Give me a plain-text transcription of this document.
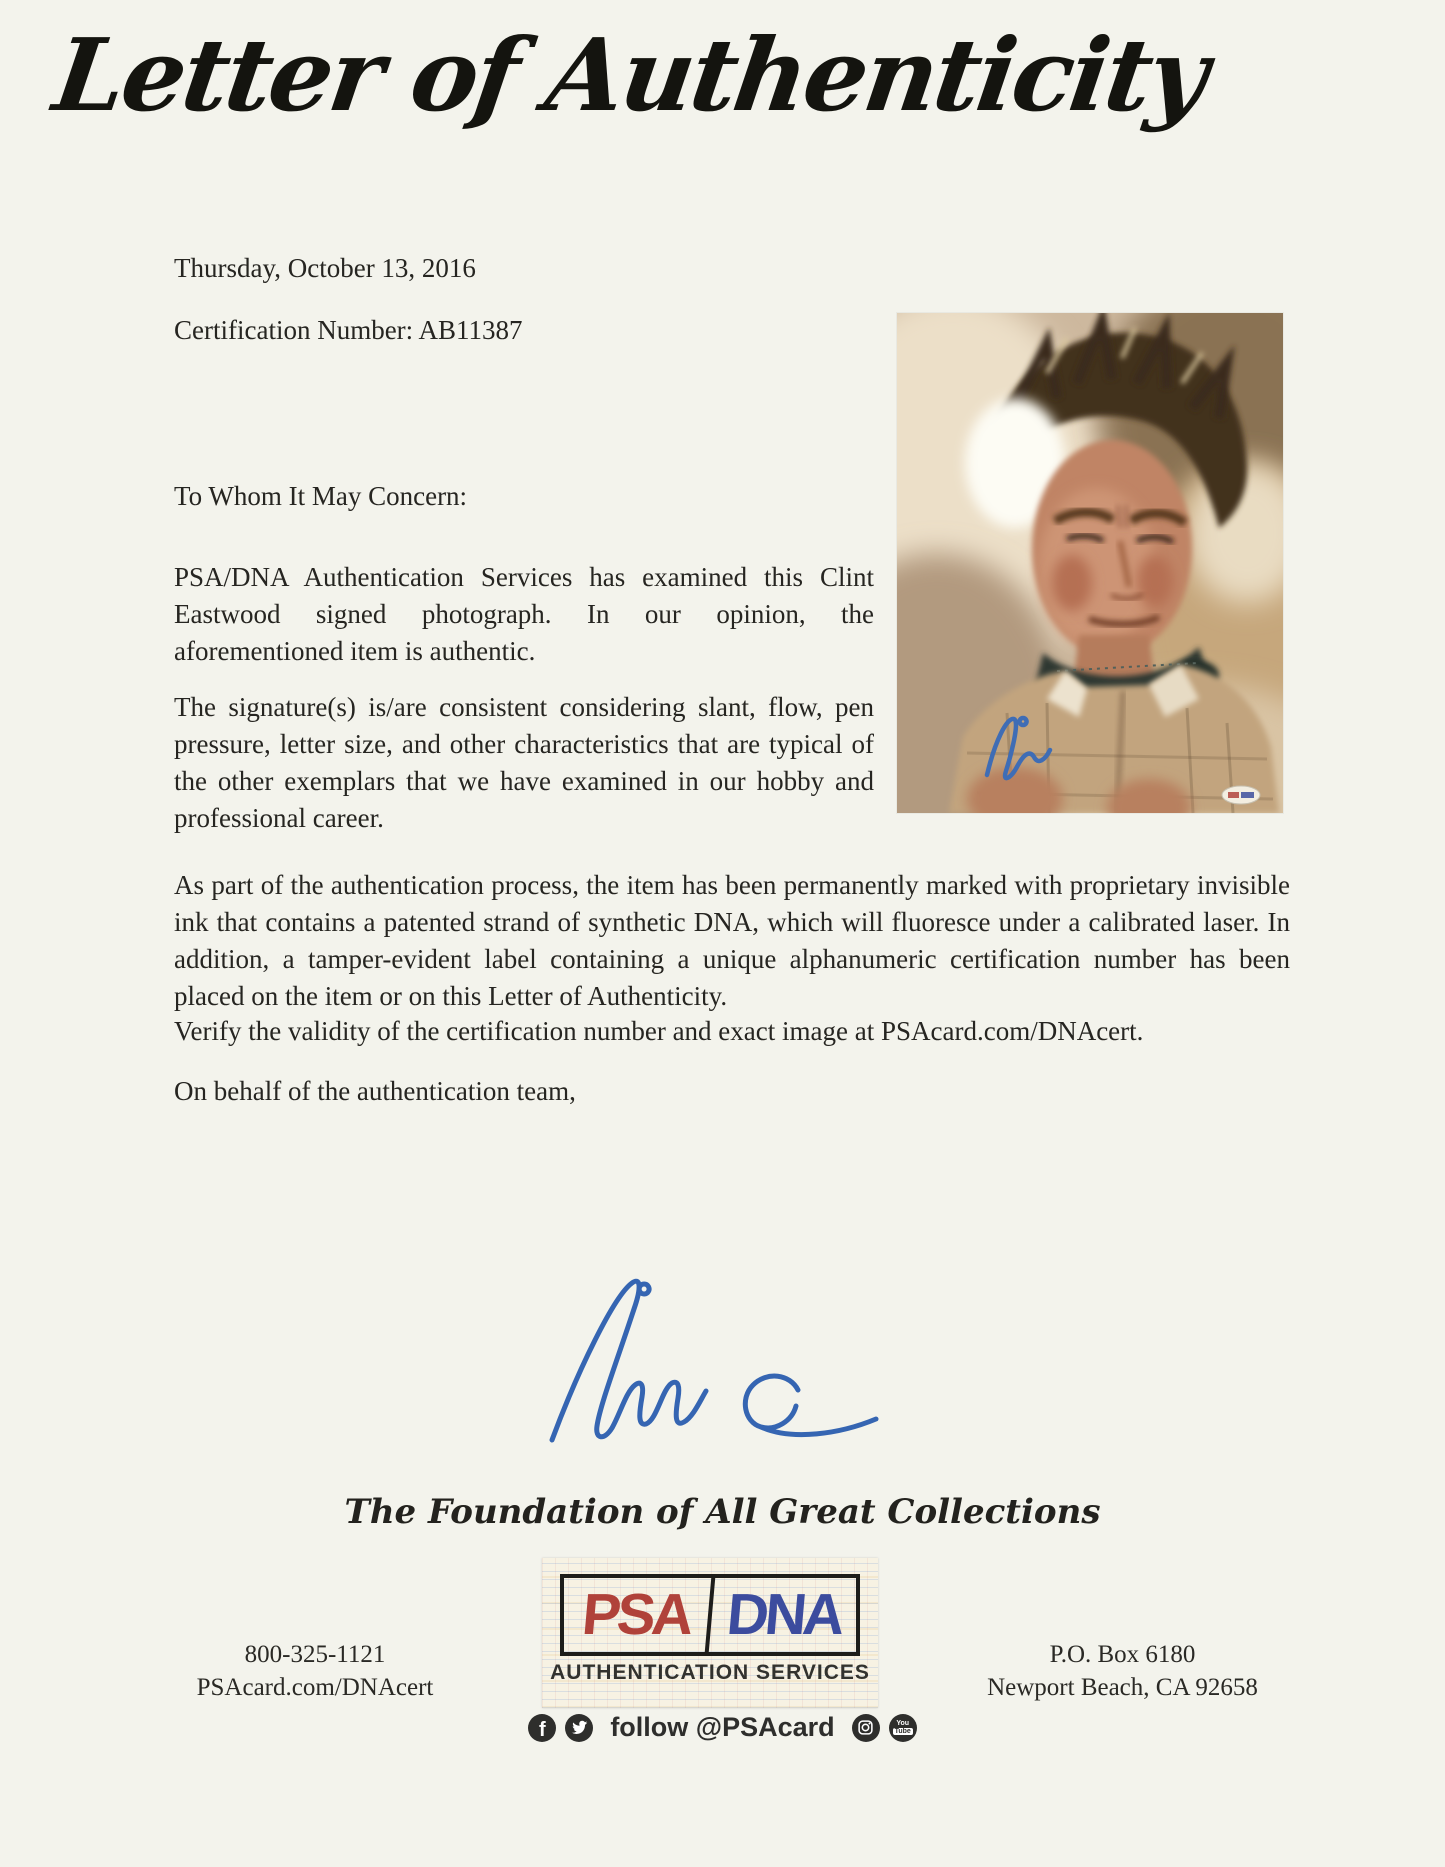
Letter of Authenticity
Thursday, October 13, 2016
Certification Number: AB11387
To Whom It May Concern:

PSA/DNA Authentication Services has examined this Clint Eastwood signed photograph. In our opinion, the aforementioned item is authentic.

The signature(s) is/are consistent considering slant, flow, pen pressure, letter size, and other characteristics that are typical of the other exemplars that we have examined in our hobby and professional career.

As part of the authentication process, the item has been permanently marked with proprietary invisible ink that contains a patented strand of synthetic DNA, which will fluoresce under a calibrated laser. In addition, a tamper-evident label containing a unique alphanumeric certification number has been placed on the item or on this Letter of Authenticity.

Verify the validity of the certification number and exact image at PSAcard.com/DNAcert.

On behalf of the authentication team,

The Foundation of All Great Collections
PSA DNA
AUTHENTICATION SERVICES
f follow @PSAcard	You
Tube
800-325-1121
PSAcard.com/DNAcert
P.O. Box 6180
Newport Beach, CA 92658
